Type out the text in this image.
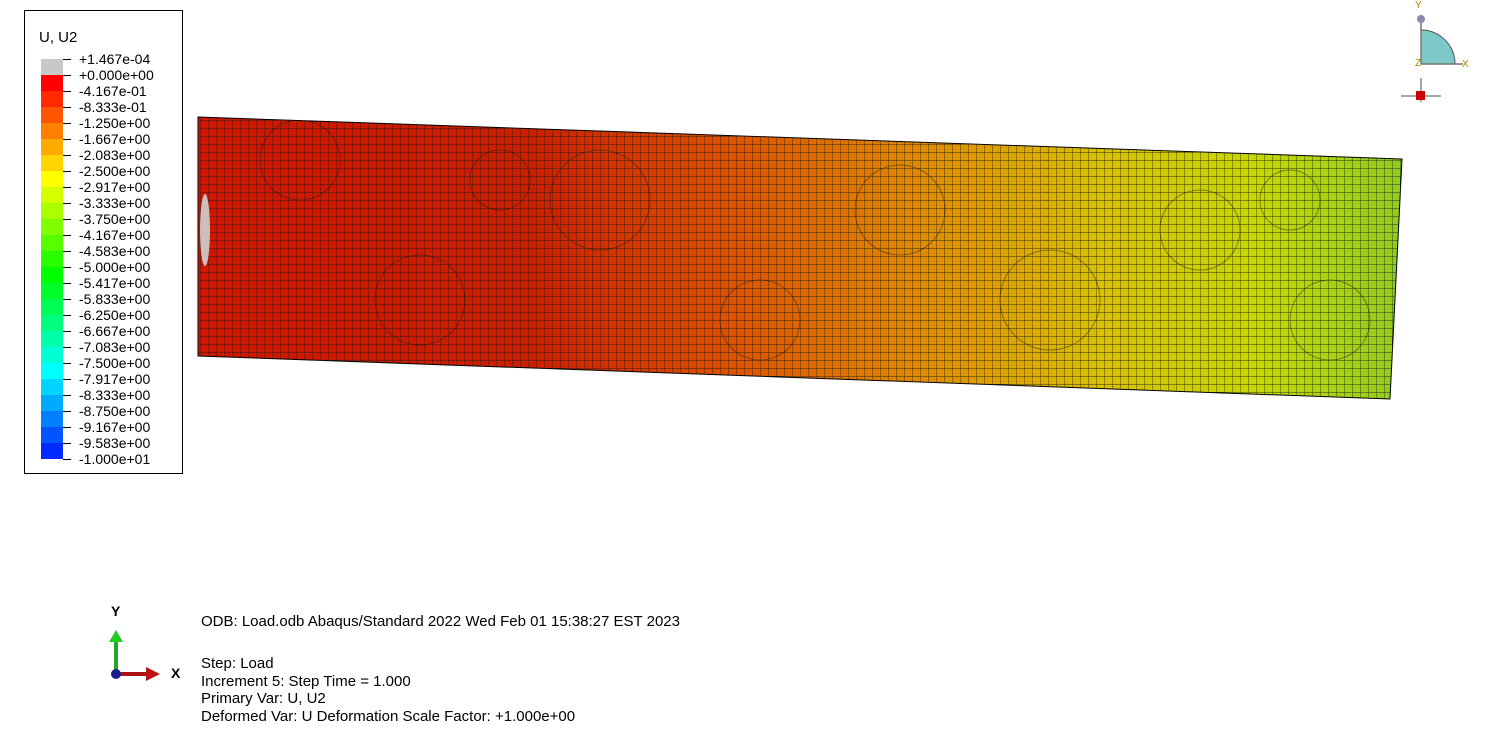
U, U2
+1.467e-04
+0.000e+00
-4.167e-01
-8.333e-01
-1.250e+00
-1.667e+00
-2.083e+00
-2.500e+00
-2.917e+00
-3.333e+00
-3.750e+00
-4.167e+00
-4.583e+00
-5.000e+00
-5.417e+00
-5.833e+00
-6.250e+00
-6.667e+00
-7.083e+00
-7.500e+00
-7.917e+00
-8.333e+00
-8.750e+00
-9.167e+00
-9.583e+00
-1.000e+01
Y
X
Y
Z	X
ODB: Load.odb Abaqus/Standard 2022 Wed Feb 01 15:38:27 EST 2023
Step: Load
Increment 5: Step Time = 1.000
Primary Var: U, U2
Deformed Var: U Deformation Scale Factor: +1.000e+00
